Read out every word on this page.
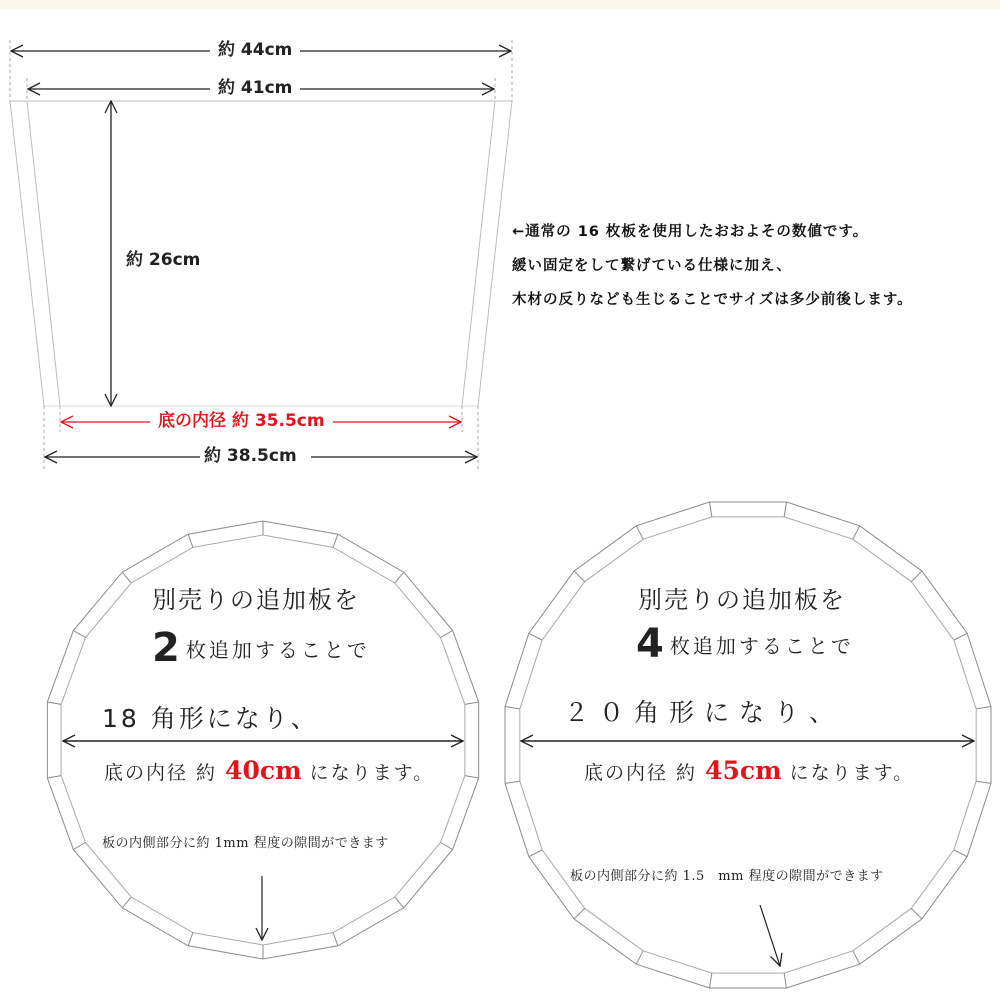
約 44cm
約 41cm
約 26cm
底の内径 約 35.5cm
約 38.5cm
←通常の 16 枚板を使用したおおよその数値です。
緩い固定をして繋げている仕様に加え、
木材の反りなども生じることでサイズは多少前後します。
別売りの追加板を
2 枚追加することで
18 角形になり、
底の内径 約 40cm になります。
板の内側部分に約 1mm 程度の隙間ができます
別売りの追加板を
4 枚追加することで
２０角形になり、
底の内径 約 45cm になります。
板の内側部分に約 1.5　mm 程度の隙間ができます
